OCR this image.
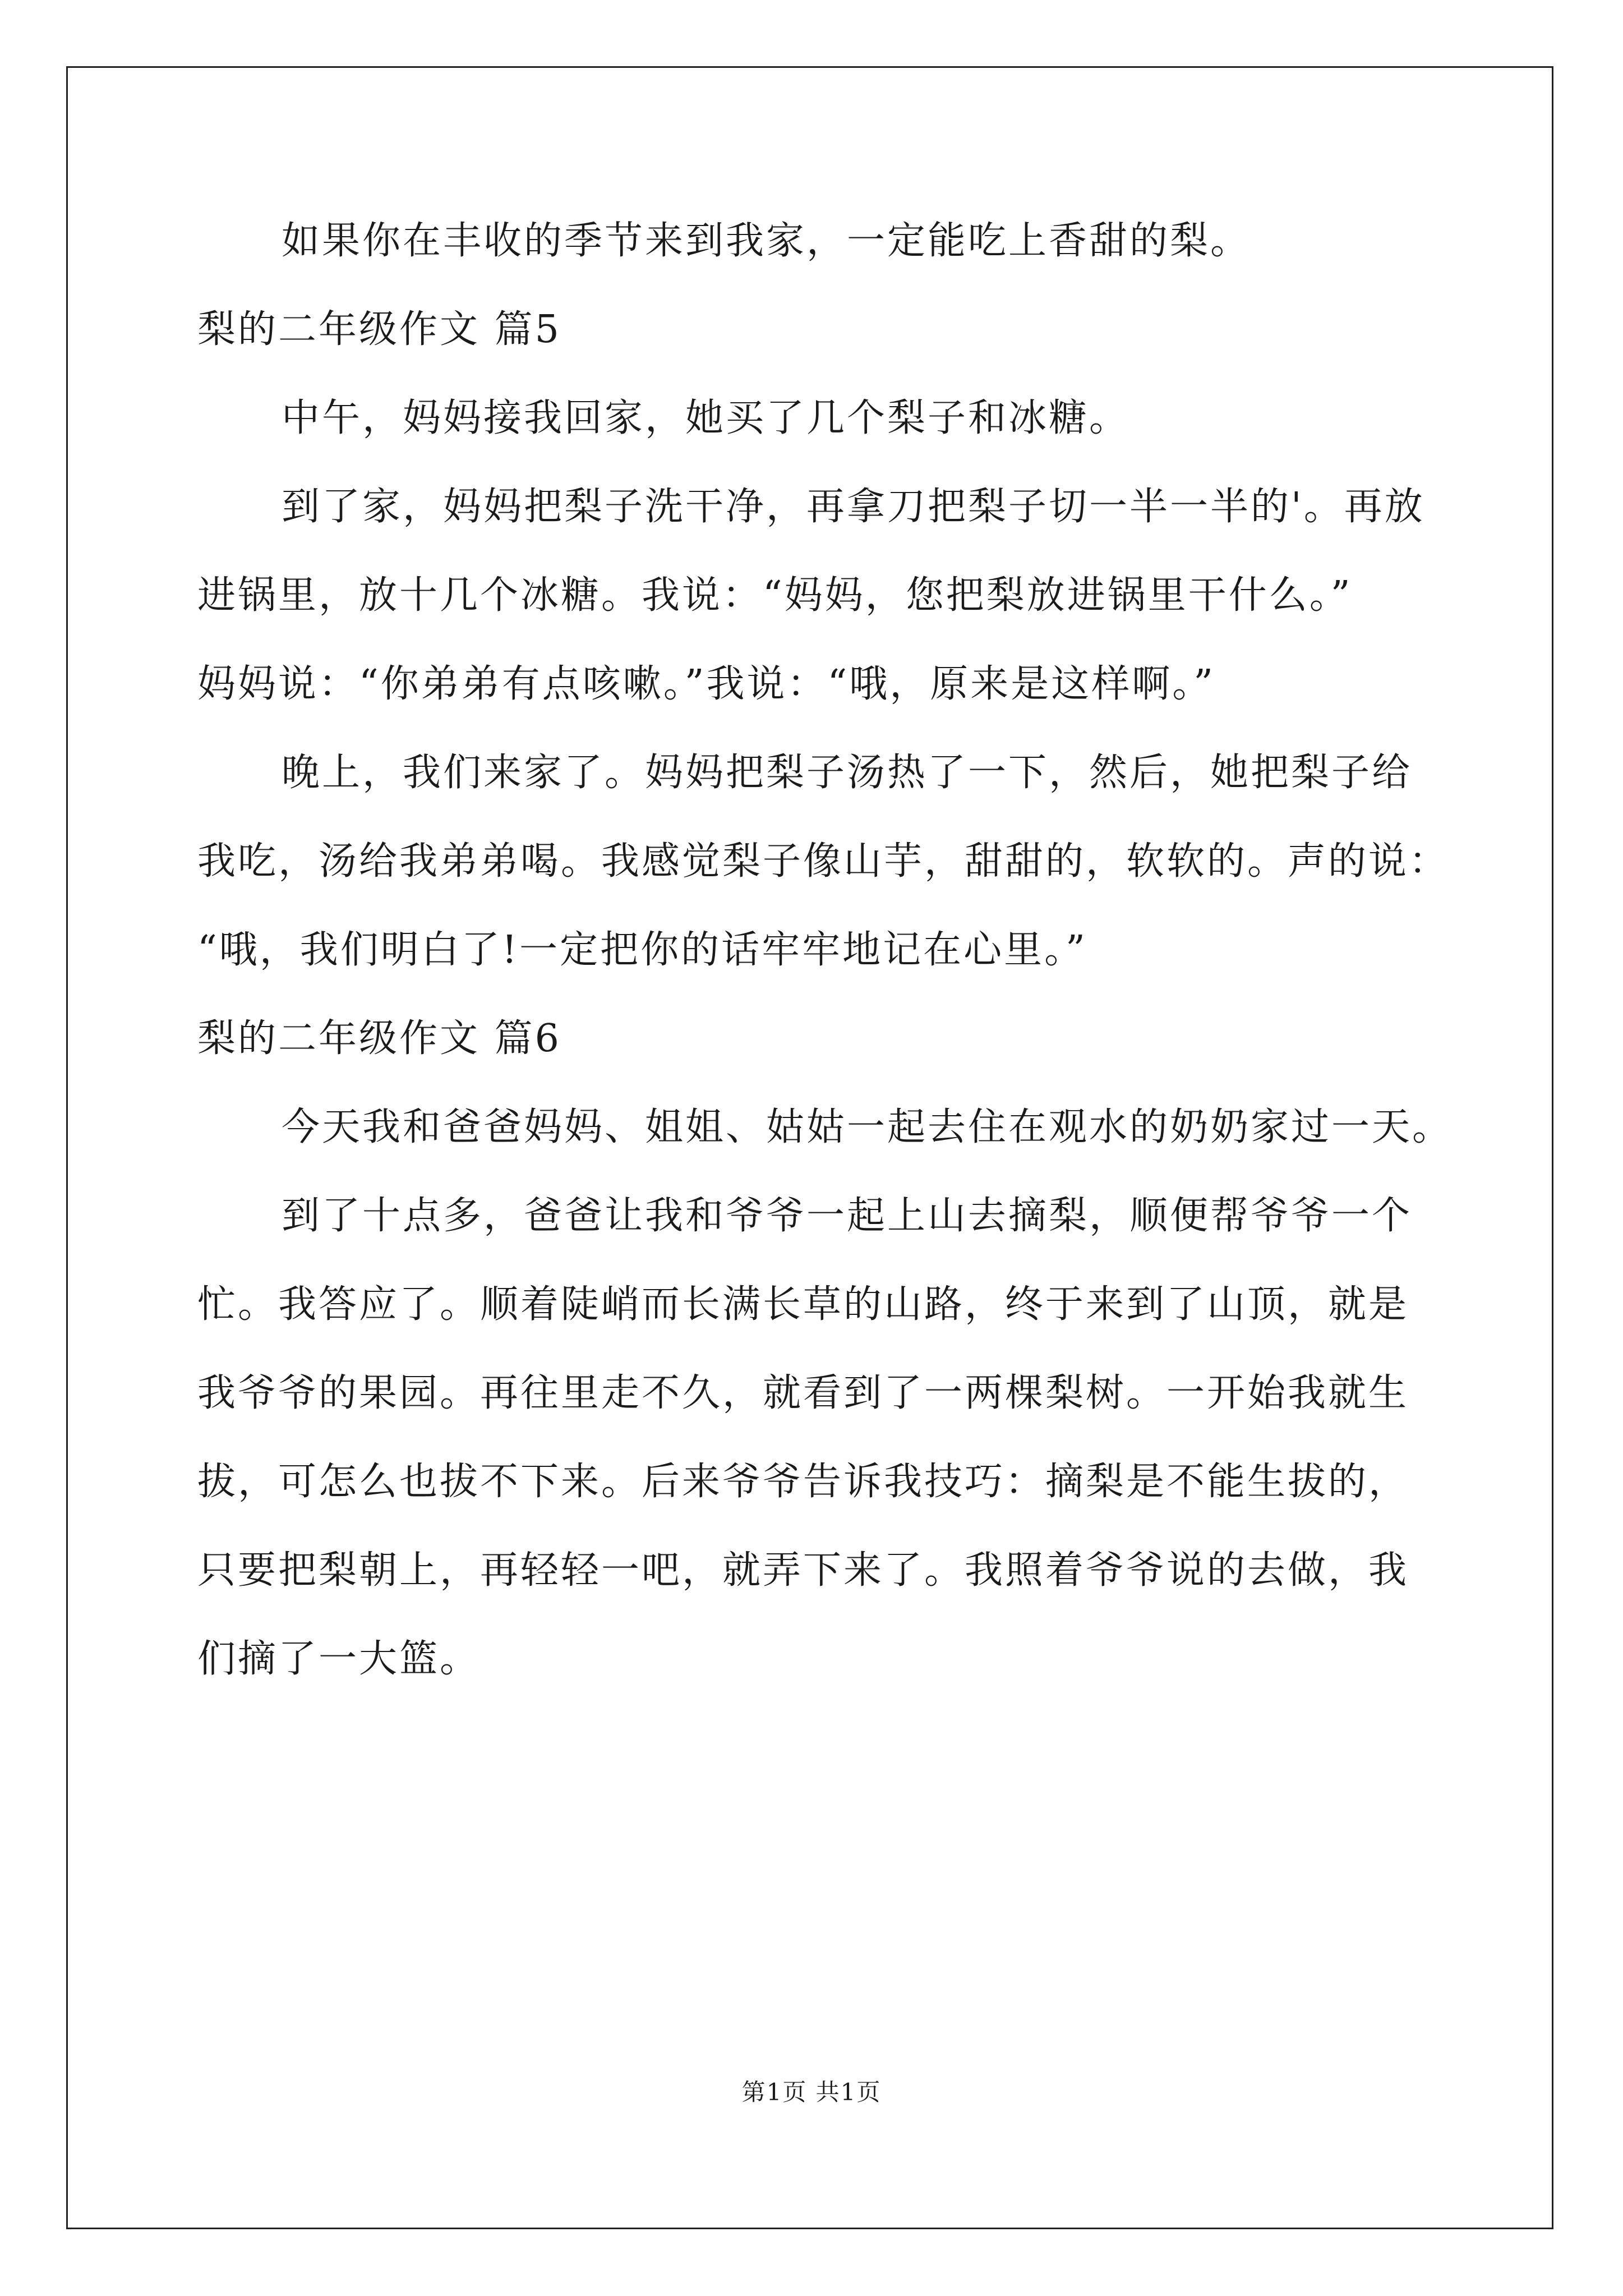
如果你在丰收的季节来到我家，一定能吃上香甜的梨。
梨的二年级作文 篇5
中午，妈妈接我回家，她买了几个梨子和冰糖。
到了家，妈妈把梨子洗干净，再拿刀把梨子切一半一半的'。再放
进锅里，放十几个冰糖。我说：“妈妈，您把梨放进锅里干什么。”
妈妈说：“你弟弟有点咳嗽。”我说：“哦，原来是这样啊。”
晚上，我们来家了。妈妈把梨子汤热了一下，然后，她把梨子给
我吃，汤给我弟弟喝。我感觉梨子像山芋，甜甜的，软软的。声的说：
“哦，我们明白了!一定把你的话牢牢地记在心里。”
梨的二年级作文 篇6
今天我和爸爸妈妈、姐姐、姑姑一起去住在观水的奶奶家过一天。
到了十点多，爸爸让我和爷爷一起上山去摘梨，顺便帮爷爷一个
忙。我答应了。顺着陡峭而长满长草的山路，终于来到了山顶，就是
我爷爷的果园。再往里走不久，就看到了一两棵梨树。一开始我就生
拔，可怎么也拔不下来。后来爷爷告诉我技巧：摘梨是不能生拔的，
只要把梨朝上，再轻轻一吧，就弄下来了。我照着爷爷说的去做，我
们摘了一大篮。
第1页 共1页
